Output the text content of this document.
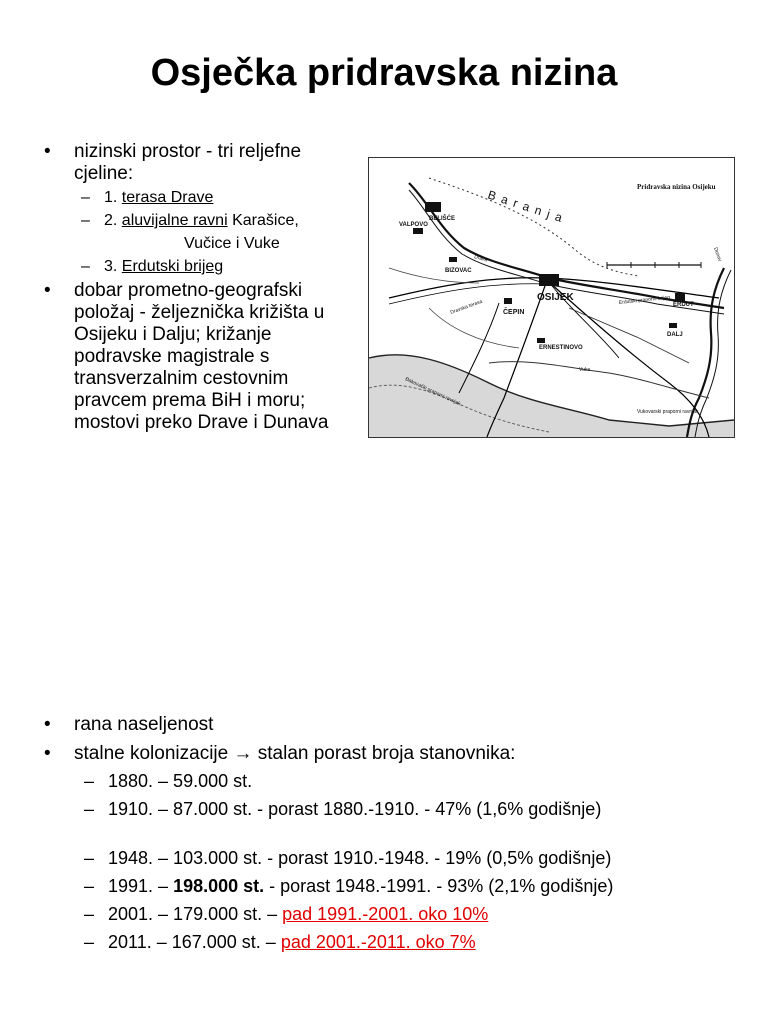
Osječka pridravska nizina
• nizinski prostor - tri reljefne cjeline:
– 1. terasa Drave
– 2. aluvijalne ravni Karašice,
Vučice i Vuke
– 3. Erdutski brijeg
• dobar prometno-geografski položaj - željeznička križišta u Osijeku i Dalju; križanje podravske magistrale s transverzalnim cestovnim pravcem prema BiH i moru; mostovi preko Drave i Dunava
Pridravska nizina Osijeku
Baranja
BELIŠĆE
VALPOVO
BIZOVAC
OSIJEK
ČEPIN
ERNESTINOVO
ERDUT
DALJ
Erdutski praporni brijeg
Vukovarski praporni ravnjak
Đakovački praporni ravnjak
Vuka
Drava	Dunav
Dravska terasa
• rana naseljenost
• stalne kolonizacije → stalan porast broja stanovnika:
– 1880. – 59.000 st.
– 1910. – 87.000 st. - porast 1880.-1910. - 47% (1,6% godišnje)
– 1948. – 103.000 st. - porast 1910.-1948. - 19% (0,5% godišnje)
– 1991. – 198.000 st. - porast 1948.-1991. - 93% (2,1% godišnje)
– 2001. – 179.000 st. – pad 1991.-2001. oko 10%
– 2011. – 167.000 st. – pad 2001.-2011. oko 7%
